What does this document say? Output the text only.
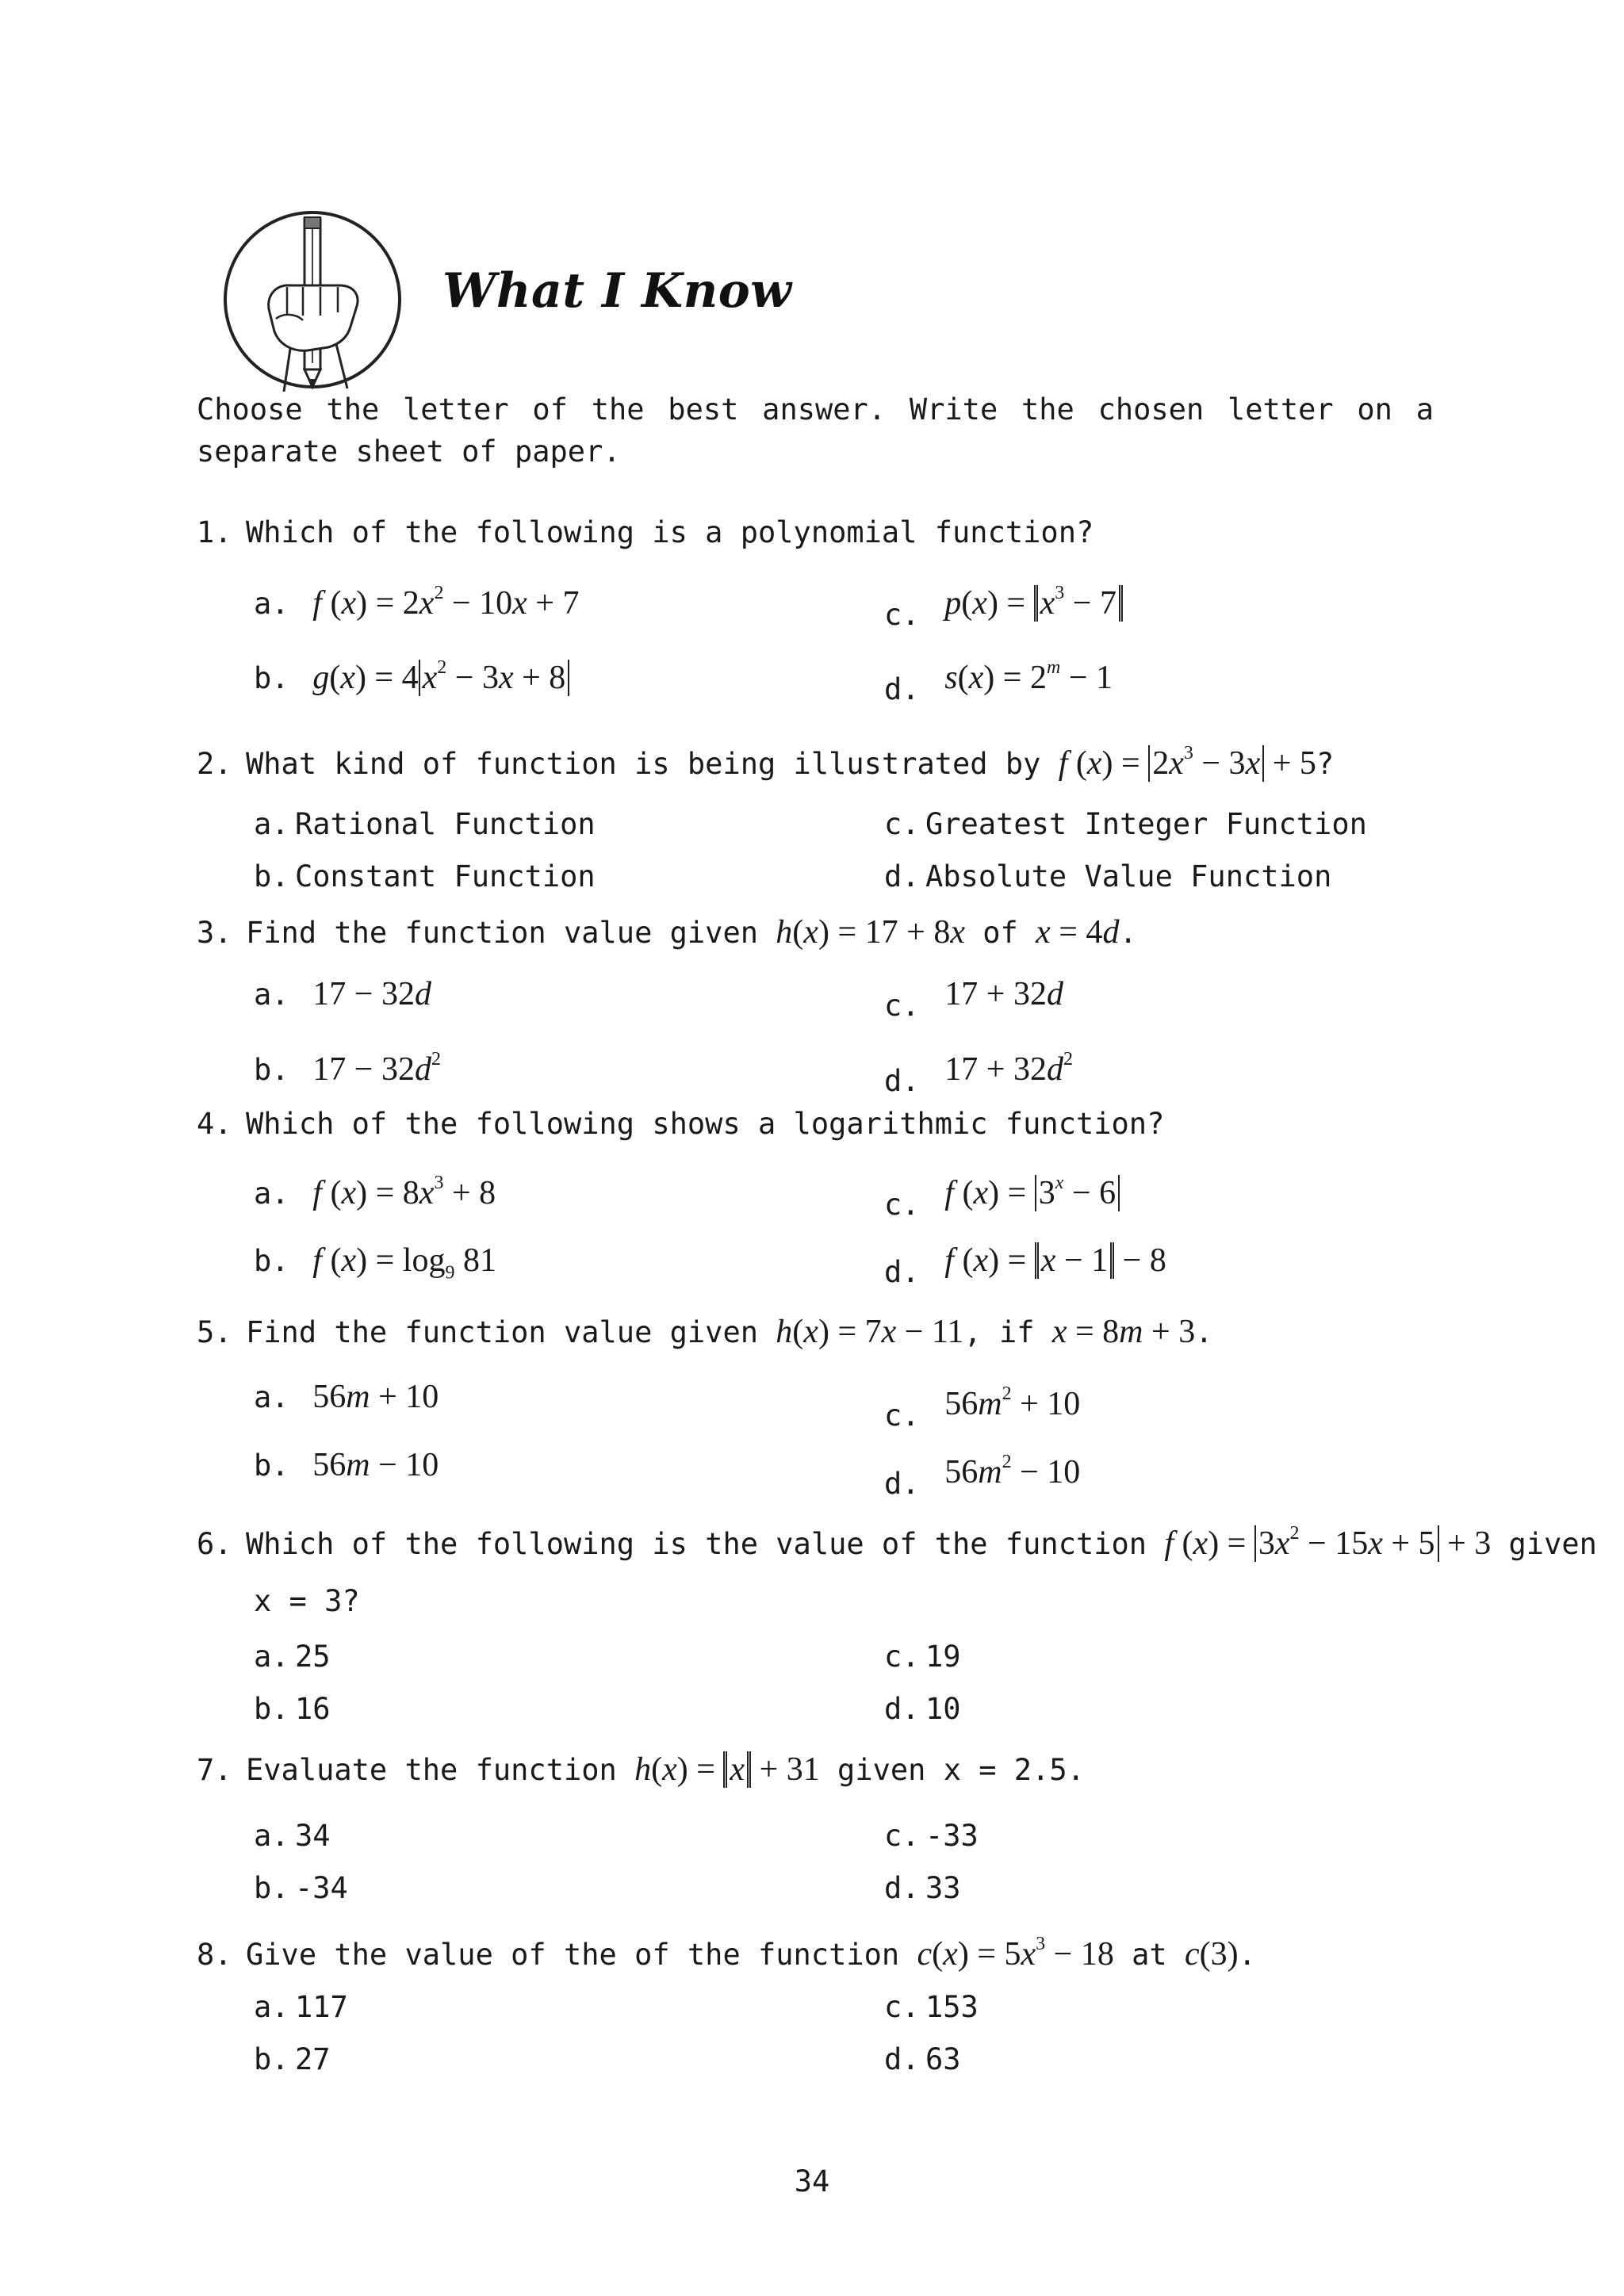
What I Know

Choose the letter of the best answer. Write the chosen letter on a separate sheet of paper.

1. Which of the following is a polynomial function?
a. f $(x) = 2x^2 - 10x + 7$
b. g(x) = 4 $x^2 - 3x + 8$
c. $p(x) = x^3 - 7$
d. $s(x) = 2^m - 1$
2. What kind of function is being illustrated by f $(x) = 2x^3 - 3x + 5$?
a. Rational Function
b. Constant Function
c. Greatest Integer Function
d. Absolute Value Function
3. Find the function value given h(x) = 17 + 8x of x = 4d.
a. 17 − 32d
b. $17 - 32d^2$
c. 17 + 32d
d. $17 + 32d^2$
4. Which of the following shows a logarithmic function?
a. f $(x) = 8x^3 + 8$
b. f $(x) = \log_9 81$
c. f $(x) = 3^x - 6$
d. f (x) = x − 1 − 8
5. Find the function value given h(x) = 7x − 11, if x = 8m + 3.
a. 56m + 10
b. 56m − 10
c. $56m^2 + 10$
d. $56m^2 - 10$
6. Which of the following is the value of the function f $(x) = 3x^2 - 15x + 5 + 3$ given
x = 3?
a. 25
b. 16
c. 19
d. 10
7. Evaluate the function h(x) = x + 31 given x = 2.5.
a. 34
b. -34
c. -33
d. 33
8. Give the value of the of the function $c(x) = 5x^3 - 18$ at c(3).
a. 117
b. 27
c. 153
d. 63
34
